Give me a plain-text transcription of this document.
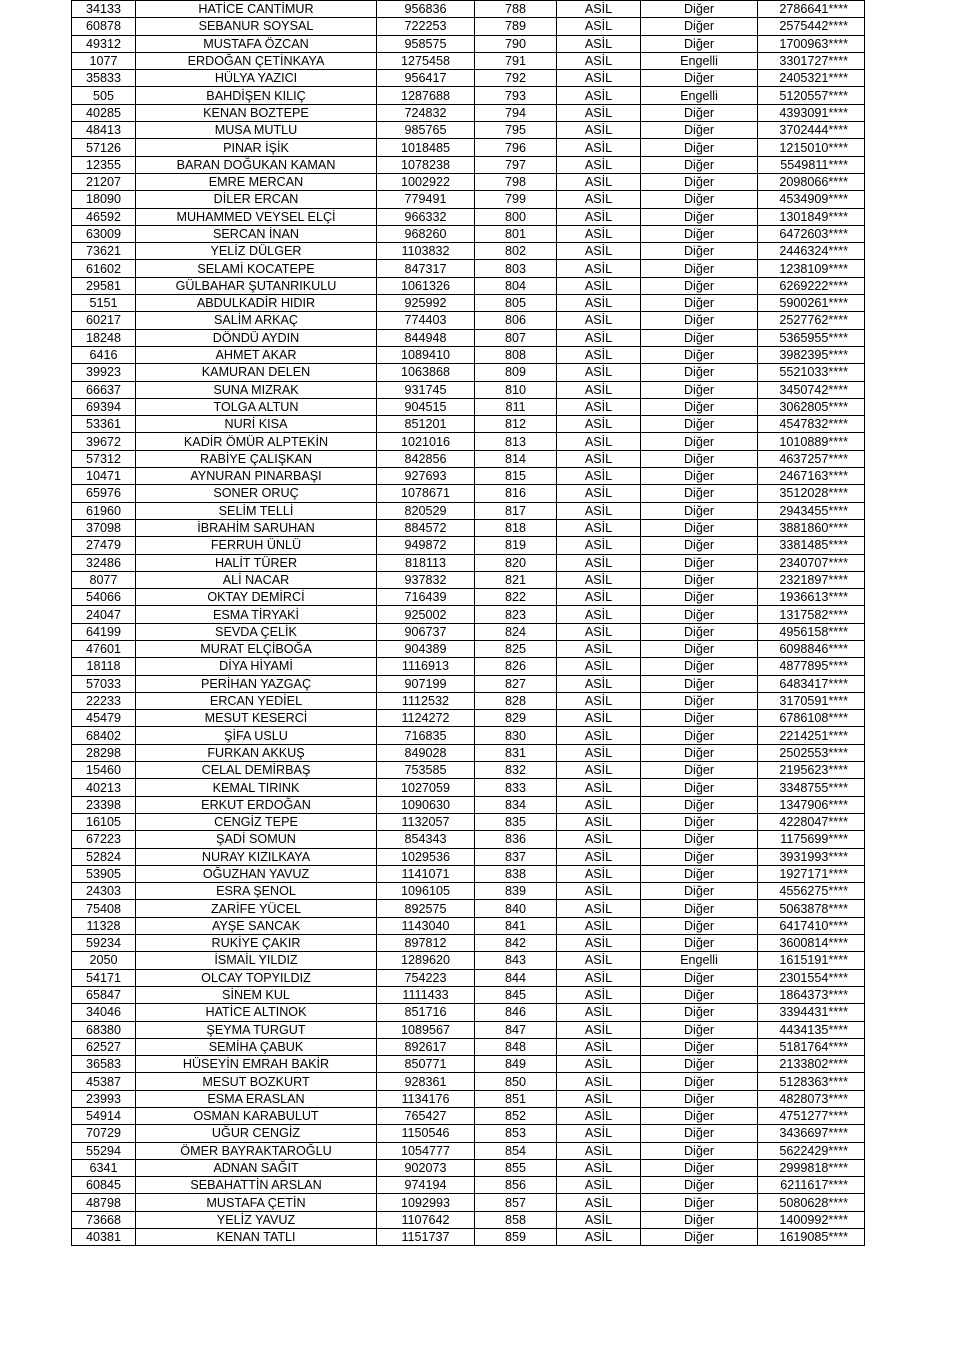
34133	HATİCE CANTİMUR	956836	788	ASİL	Diğer	2786641****
60878	SEBANUR SOYSAL	722253	789	ASİL	Diğer	2575442****
49312	MUSTAFA ÖZCAN	958575	790	ASİL	Diğer	1700963****
1077	ERDOĞAN ÇETİNKAYA	1275458	791	ASİL	Engelli	3301727****
35833	HÜLYA YAZICI	956417	792	ASİL	Diğer	2405321****
505	BAHDİŞEN KILIÇ	1287688	793	ASİL	Engelli	5120557****
40285	KENAN BOZTEPE	724832	794	ASİL	Diğer	4393091****
48413	MUSA MUTLU	985765	795	ASİL	Diğer	3702444****
57126	PINAR İŞİK	1018485	796	ASİL	Diğer	1215010****
12355	BARAN DOĞUKAN KAMAN	1078238	797	ASİL	Diğer	5549811****
21207	EMRE MERCAN	1002922	798	ASİL	Diğer	2098066****
18090	DİLER ERCAN	779491	799	ASİL	Diğer	4534909****
46592	MUHAMMED VEYSEL ELÇİ	966332	800	ASİL	Diğer	1301849****
63009	SERCAN İNAN	968260	801	ASİL	Diğer	6472603****
73621	YELİZ DÜLGER	1103832	802	ASİL	Diğer	2446324****
61602	SELAMİ KOCATEPE	847317	803	ASİL	Diğer	1238109****
29581	GÜLBAHAR ŞUTANRIKULU	1061326	804	ASİL	Diğer	6269222****
5151	ABDULKADİR HIDIR	925992	805	ASİL	Diğer	5900261****
60217	SALİM ARKAÇ	774403	806	ASİL	Diğer	2527762****
18248	DÖNDÜ AYDIN	844948	807	ASİL	Diğer	5365955****
6416	AHMET AKAR	1089410	808	ASİL	Diğer	3982395****
39923	KAMURAN DELEN	1063868	809	ASİL	Diğer	5521033****
66637	SUNA MIZRAK	931745	810	ASİL	Diğer	3450742****
69394	TOLGA ALTUN	904515	811	ASİL	Diğer	3062805****
53361	NURİ KISA	851201	812	ASİL	Diğer	4547832****
39672	KADİR ÖMÜR ALPTEKİN	1021016	813	ASİL	Diğer	1010889****
57312	RABİYE ÇALIŞKAN	842856	814	ASİL	Diğer	4637257****
10471	AYNURAN PINARBAŞI	927693	815	ASİL	Diğer	2467163****
65976	SONER ORUÇ	1078671	816	ASİL	Diğer	3512028****
61960	SELİM TELLİ	820529	817	ASİL	Diğer	2943455****
37098	İBRAHİM SARUHAN	884572	818	ASİL	Diğer	3881860****
27479	FERRUH ÜNLÜ	949872	819	ASİL	Diğer	3381485****
32486	HALİT TÜRER	818113	820	ASİL	Diğer	2340707****
8077	ALİ NACAR	937832	821	ASİL	Diğer	2321897****
54066	OKTAY DEMİRCİ	716439	822	ASİL	Diğer	1936613****
24047	ESMA TİRYAKİ	925002	823	ASİL	Diğer	1317582****
64199	SEVDA ÇELİK	906737	824	ASİL	Diğer	4956158****
47601	MURAT ELÇİBOĞA	904389	825	ASİL	Diğer	6098846****
18118	DİYA HİYAMİ	1116913	826	ASİL	Diğer	4877895****
57033	PERİHAN YAZGAÇ	907199	827	ASİL	Diğer	6483417****
22233	ERCAN YEDİEL	1112532	828	ASİL	Diğer	3170591****
45479	MESUT KESERCİ	1124272	829	ASİL	Diğer	6786108****
68402	ŞİFA USLU	716835	830	ASİL	Diğer	2214251****
28298	FURKAN AKKUŞ	849028	831	ASİL	Diğer	2502553****
15460	CELAL DEMİRBAŞ	753585	832	ASİL	Diğer	2195623****
40213	KEMAL TIRINK	1027059	833	ASİL	Diğer	3348755****
23398	ERKUT ERDOĞAN	1090630	834	ASİL	Diğer	1347906****
16105	CENGİZ TEPE	1132057	835	ASİL	Diğer	4228047****
67223	ŞADİ SOMUN	854343	836	ASİL	Diğer	1175699****
52824	NURAY KIZILKAYA	1029536	837	ASİL	Diğer	3931993****
53905	OĞUZHAN YAVUZ	1141071	838	ASİL	Diğer	1927171****
24303	ESRA ŞENOL	1096105	839	ASİL	Diğer	4556275****
75408	ZARİFE YÜCEL	892575	840	ASİL	Diğer	5063878****
11328	AYŞE SANCAK	1143040	841	ASİL	Diğer	6417410****
59234	RUKİYE ÇAKIR	897812	842	ASİL	Diğer	3600814****
2050	İSMAİL YILDIZ	1289620	843	ASİL	Engelli	1615191****
54171	OLCAY TOPYILDIZ	754223	844	ASİL	Diğer	2301554****
65847	SİNEM KUL	1111433	845	ASİL	Diğer	1864373****
34046	HATİCE ALTINOK	851716	846	ASİL	Diğer	3394431****
68380	ŞEYMA TURGUT	1089567	847	ASİL	Diğer	4434135****
62527	SEMİHA ÇABUK	892617	848	ASİL	Diğer	5181764****
36583	HÜSEYİN EMRAH BAKİR	850771	849	ASİL	Diğer	2133802****
45387	MESUT BOZKURT	928361	850	ASİL	Diğer	5128363****
23993	ESMA ERASLAN	1134176	851	ASİL	Diğer	4828073****
54914	OSMAN KARABULUT	765427	852	ASİL	Diğer	4751277****
70729	UĞUR CENGİZ	1150546	853	ASİL	Diğer	3436697****
55294	ÖMER BAYRAKTAROĞLU	1054777	854	ASİL	Diğer	5622429****
6341	ADNAN SAĞIT	902073	855	ASİL	Diğer	2999818****
60845	SEBAHATTİN ARSLAN	974194	856	ASİL	Diğer	6211617****
48798	MUSTAFA ÇETİN	1092993	857	ASİL	Diğer	5080628****
73668	YELİZ YAVUZ	1107642	858	ASİL	Diğer	1400992****
40381	KENAN TATLI	1151737	859	ASİL	Diğer	1619085****
